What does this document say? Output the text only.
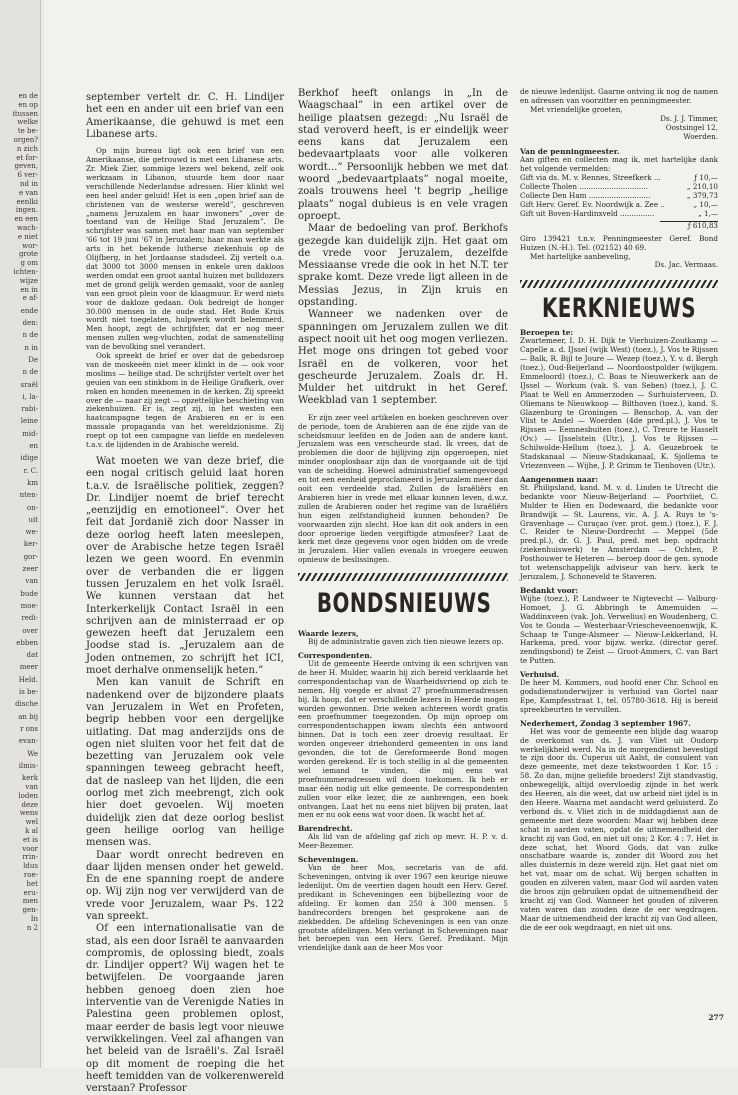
en de
en op
itussen
welke
te be-
orgen?
n zich
et for-
geven,
6 ver-
nd in
e van
eenlki
ingen.
en een
wach-
e niet
wor-
grote
g om
ichten-
wijze
en in
e af-
ende
den:
n de
n in
De
n de
sraël
i, la-
rabi-
leine
mid-
en
idige
r. C.
km
nten-
on-
uit
we-
ker-
gor-
zeer
van
bude
moe-
redi-
over
ebben
dat
meer
Held.
is be-
dische
an bij
r ons
evan-
We
ilmis-
kerk
van
loden
deze
wens
wel
k al
et is
voor
rrin-
ldus
roe-
het
eru-
men
gen-
In
n 2

september vertelt dr. C. H. Lindijer het een en ander uit een brief van een Amerikaanse, die gehuwd is met een Libanese arts.

Op mijn bureau ligt ook een brief van een Amerikaanse, die getrouwd is met een Libanese arts. Zr. Miek Zier, sommige lezers wel bekend, zelf ook werkzaam in Libanon, stuurde hem door naar verschillende Nederlandse adressen. Hier klinkt wel een heel ander geluid! Het is een „open brief aan de christenen van de westerse wereld”, geschreven „namens Jeruzalem en haar inwoners” „over de toestand van de Heilige Stad Jeruzalem”. De schrijfster was samen met haar man van september '66 tot 19 juni '67 in Jeruzalem; haar man werkte als arts in het bekende lutherse ziekenhuis op de Olijfberg, in het Jordaanse stadsdeel. Zij vertelt o.a. dat 3000 tot 3000 mensen in enkele uren dakloos werden omdat een groot aantal huizen met bulldozers met de grond gelijk werden gemaakt, voor de aanleg van een groot plein voor de klaagmuur. Er werd niets voor de dakloze gedaan. Ook bedreigt de honger 30.000 mensen in de oude stad. Het Rode Kruis wordt niet toegelaten, hulpwerk wordt belemmerd. Men hoopt, zegt de schrijfster, dat er nog meer mensen zullen weg-vluchten, zodat de samenstelling van de bevolking snel verandert.

Ook spreekt de brief er over dat de gebedsroep van de moskeeën niet meer klinkt in de — ook voor moslims — heilige stad. De schrijfster vertelt over het geuien van een stinkbom in de Heilige Grafkerk, over roken en honden meenemen in de kerken. Zij spreekt over de — naar zij zegt — opzettelijke beschieting van ziekenhuizen. Er is, zegt zij, in het westen een haatcampagne tegen de Arabieren en er is een massale propaganda van het wereldzionisme. Zij roept op tot een campagne van liefde en medeleven t.a.v. de lijdenden in de Arabische wereld.

Wat moeten we van deze brief, die een nogal critisch geluid laat horen t.a.v. de Israëlische politiek, zeggen? Dr. Lindijer noemt de brief terecht „eenzijdig en emotioneel”. Over het feit dat Jordanië zich door Nasser in deze oorlog heeft laten meeslepen, over de Arabische hetze tegen Israël lezen we geen woord. En evenmin over de verbanden die er liggen tussen Jeruzalem en het volk Israël. We kunnen verstaan dat het Interkerkelijk Contact Israël in een schrijven aan de ministerraad er op gewezen heeft dat Jeruzalem een Joodse stad is. „Jeruzalem aan de Joden ontnemen, zo schrijft het ICI, moet derhalve onmenselijk heten.”

Men kan vanuit de Schrift en nadenkend over de bijzondere plaats van Jeruzalem in Wet en Profeten, begrip hebben voor een dergelijke uitlating. Dat mag anderzijds ons de ogen niet sluiten voor het feit dat de bezetting van Jeruzalem ook vele spanningen teweeg gebracht heeft, dat de nasleep van het lijden, die een oorlog met zich meebrengt, zich ook hier doet gevoelen. Wij moeten duidelijk zien dat deze oorlog beslist geen heilige oorlog van heilige mensen was.

Daar wordt onrecht bedreven en daar lijden mensen onder het geweld. En de ene spanning roept de andere op. Wij zijn nog ver verwijderd van de vrede voor Jeruzalem, waar Ps. 122 van spreekt.

Of een internationalisatie van de stad, als een door Israël te aanvaarden compromis, de oplossing biedt, zoals dr. Lindijer oppert? Wij wagen het te betwijfelen. De voorgaande jaren hebben genoeg doen zien hoe interventie van de Verenigde Naties in Palestina geen problemen oplost, maar eerder de basis legt voor nieuwe verwikkelingen. Veel zal afhangen van het beleid van de Israëli's. Zal Israël op dit moment de roeping die het heeft temidden van de volkerenwereld verstaan? Professor

Berkhof heeft onlangs in „In de Waagschaal” in een artikel over de heilige plaatsen gezegd: „Nu Israël de stad veroverd heeft, is er eindelijk weer eens kans dat Jeruzalem een bedevaartplaats voor alle volkeren wordt...” Persoonlijk hebben we met dat woord „bedevaartplaats” nogal moeite, zoals trouwens heel 't begrip „heilige plaats” nogal dubieus is en vele vragen oproept.

Maar de bedoeling van prof. Berkhofs gezegde kan duidelijk zijn. Het gaat om de vrede voor Jeruzalem, dezelfde Messiaanse vrede die ook in het N.T. ter sprake komt. Deze vrede ligt alleen in de Messias Jezus, in Zijn kruis en opstanding.

Wanneer we nadenken over de spanningen om Jeruzalem zullen we dit aspect nooit uit het oog mogen verliezen. Het moge ons dringen tot gebed voor Israël en de volkeren, voor het gescheurde Jeruzalem. Zoals dr. H. Mulder het uitdrukt in het Geref. Weekblad van 1 september.

Er zijn zeer veel artikelen en boeken geschreven over de periode, toen de Arabieren aan de éne zijde van de scheidsmuur leefden en de Joden aan de andere kant. Jeruzalem was een verscheurde stad. Ik vrees, dat de problemen die door de bijlijving zijn opgeroepen, niet minder onoplosbaar zijn dan de voorgaande uit de tijd van de scheiding. Hoewel administratief samengevoegd en tot een eenheid geproclameerd is Jeruzalem meer dan ooit een verdeelde stad. Zullen de Israëliërs en Arabieren hier in vrede met elkaar kunnen leven, d.w.z. zullen de Arabieren onder het regime van de Israëliërs hun eigen zelfstandigheid kunnen behouden? De voorwaarden zijn slecht. Hoe kan dit ook anders in een door oproerige lieden vergiftigde atmosfeer? Laat de kerk met deze gegevens voor ogen bidden om de vrede in Jeruzalem. Hier vallen evenals in vroegere eeuwen opnieuw de beslissingen.

BONDSNIEUWS

Waarde lezers,

Bij de administratie gaven zich tien nieuwe lezers op.

Correspondenten.

Uit de gemeente Heerde ontving ik een schrijven van de heer H. Mulder, waarin hij zich bereid verklaarde het correspondentschap van de Waarheidsvriend op zich te nemen. Hij voegde er alvast 27 proefnummeradressen bij. Ik hoop, dat er verschillende lezers in Heerde mogen worden gewonnen. Drie weken achtereen wordt gratis een proefnummer toegezonden. Op mijn oproep om correspondentschappen kwam slechts één antwoord binnen. Dat is toch een zeer droevig resultaat. Er worden ongeveer driehonderd gemeenten in ons land gevonden, die tot de Gereformeerde Bond mogen worden gerekend. Er is toch stellig in al die gemeenten wel iemand te vinden, die mij eens wat proefnummeradressen wil doen toekomen. Ik heb er maar één nodig uit elke gemeente. De correspondenten zullen voor elke lezer, die ze aanbrengen, een boek ontvangen. Laat het nu eens niet blijven bij praten, laat men er nu ook eens wat voor doen. Ik wacht het af.

Barendrecht.

Als lid van de afdeling gaf zich op mevr. H. P. v. d. Meer-Bezemer.

Scheveningen.

Van de heer Mos, secretaris van de afd. Scheveningen, ontving ik over 1967 een keurige nieuwe ledenlijst. Om de veertien dagen houdt een Herv. Geref. predikant in Scheveningen een bijbellezing voor de afdeling. Er komen dan 250 à 300 mensen. 5 bandrecorders brengen het gesprokene aan de ziekbedden. De afdeling Scheveningen is een van onze grootste afdelingen. Men verlangt in Scheveningen naar het beroepen van een Herv. Geref. Predikant. Mijn vriendelijke dank aan de heer Mos voor

de nieuwe ledenlijst. Gaarne ontving ik nog de namen en adressen van voorzitter en penningmeester.

Met vriendelijke groeten,

Ds. J. J. Timmer,

Oostsingel 12,

Woerden.

Van de penningmeester.

Aan giften en collecten mag ik, met hartelijke dank het volgende vermelden:

Gift via ds. M. v. Rennes, Streefkerk ...	ƒ 10,—
Collecte Tholen ..............................	„ 210,10
Collecte Den Ham ...........................	„ 379,73
Gift Herv. Geref. Ev. Noordwijk a. Zee ..	„ 10,—
Gift uit Boven-Hardinxveld ...............	„ 1,—
ƒ 610,83

Giro 139421 t.n.v. Penningmeester Geref. Bond Huizen (N.-H.). Tel. (02152) 40 69.

Met hartelijke aanbeveling,

Ds. Jac. Vermaas.

KERKNIEUWS

Beroepen te:

Zwartemeer, I. D. H. Dijk te Vierhuizen-Zoutkamp — Capelle a. d. IJssel (wijk West) (toez.), J. Vos te Rijssen — Balk, R. Bijl te Joure — Wezep (toez.), Y. v. d. Bergh (toez.), Oud-Beijerland — Noordoostpolder (wijkgem. Emmeloord) (toez.), C. Boas te Nieuwerkerk aan de IJssel — Workum (vak. S. van Seben) (toez.), J. C. Plaat te Well en Ammerzoden — Surhuisterveen, D. Oliemans te Nieuwkoop — Bilthoven (toez.), kand. S. Glazenburg te Groningen — Benschop, A. van der Vlist te Andel — Woerden (4de pred.pl.), J. Vos te Rijssen — Eemnesbuiten (toez.), C. Treure te Hasselt (Ov.) — IJsselstein (Utr.), J. Vos te Rijssen — Schilwolde-Hellum (toez.), J. A. Geuzebroek te Stadskanaal — Nieuw-Stadskanaal, K. Sjollema te Vriezenveen — Wijhe, J. P. Grimm te Tienhoven (Utr.).

Aangenomen naar:

St. Philipsland, kand. M. v. d. Linden te Utrecht die bedankte voor Nieuw-Beijerland — Poortvliet, C. Mulder te Hien en Dodewaard, die bedankte voor Brandwijk — St. Laurens, vic. A. J. A. Ruys te 's-Gravenhage — Curaçao (ver. prot. gem.) (toez.), F. J. C. Reider te Nieuw-Dordrecht — Meppel (5de pred.pl.), dr. G. J. Paul, pred. met bep. opdracht (ziekenhuiswerk) te Amsterdam — Ochten, P. Posthouwer te Heteren — beroep door de gen. synode tot wetenschappelijk adviseur van herv. kerk te Jeruzalem, J. Schoneveld te Staveren.

Bedankt voor:

Wijhe (toez.), P. Landweer te Nigtevecht — Valburg-Homoet, J. G. Abbringh te Amemuiden — Waddinxveen (vak. Joh. Verwelius) en Woudenberg, C. Vos te Gouda — Westerbaar-Vriescheveenoenwijk, K. Schaap te Tunge-Alsmeer — Nieuw-Lekkerland, H. Harkema, pred. voor bijzw. werkz. (director geref. zendingsbond) te Zeist — Groot-Ammers, C. van Bart te Putten.

Verhuisd.

De heer M. Kommers, oud hoofd ener Chr. School en godsdienstonderwijzer is verhuisd van Gortel naar Epe, Kampfesstraat 1, tel. 05780-3618. Hij is bereid spreekbeurten te vervullen.

Nederhemert, Zondag 3 september 1967.

Het was voor de gemeente een blijde dag waarop de overkomst van ds. J. van Vliet uit Oudorp werkelijkheid werd. Na in de morgendienst bevestigd te zijn door ds. Cuperus uit Aalst, de consulent van deze gemeente, met deze tekstwoorden 1 Kor. 15 : 58. Zo dan, mijne geliefde broeders! Zijt standvastig, onbewegelijk, altijd overvloedig zijnde in het werk des Heeren, als die weet, dat uw arbeid niet ijdel is in den Heere. Waarna met aandacht werd geluisterd. Zo verbond ds. v. Vliet zich in de middagdienst aan de gemeente met deze woorden: Maar wij hebben deze schat in aarden vaten, opdat de uitnemendheid der kracht zij van God, en niet uit ons; 2 Kor. 4 : 7. Het is deze schat, het Woord Gods, dat van zulke onschatbare waarde is, zonder dit Woord zou het alles duisternis in deze wereld zijn. Het gaat niet om het vat, maar om de schat. Wij bergen schatten in gouden en zilveren vaten, maar God wil aarden vaten die broos zijn gebruiken opdat de uitnemendheid der kracht zij van God. Wanneer het gouden of zilveren vaten waren dan zouden deze de eer wegdragen. Maar de uitnemendheid der kracht zij van God alleen, die de eer ook wegdraagt, en niet uit ons.

277
